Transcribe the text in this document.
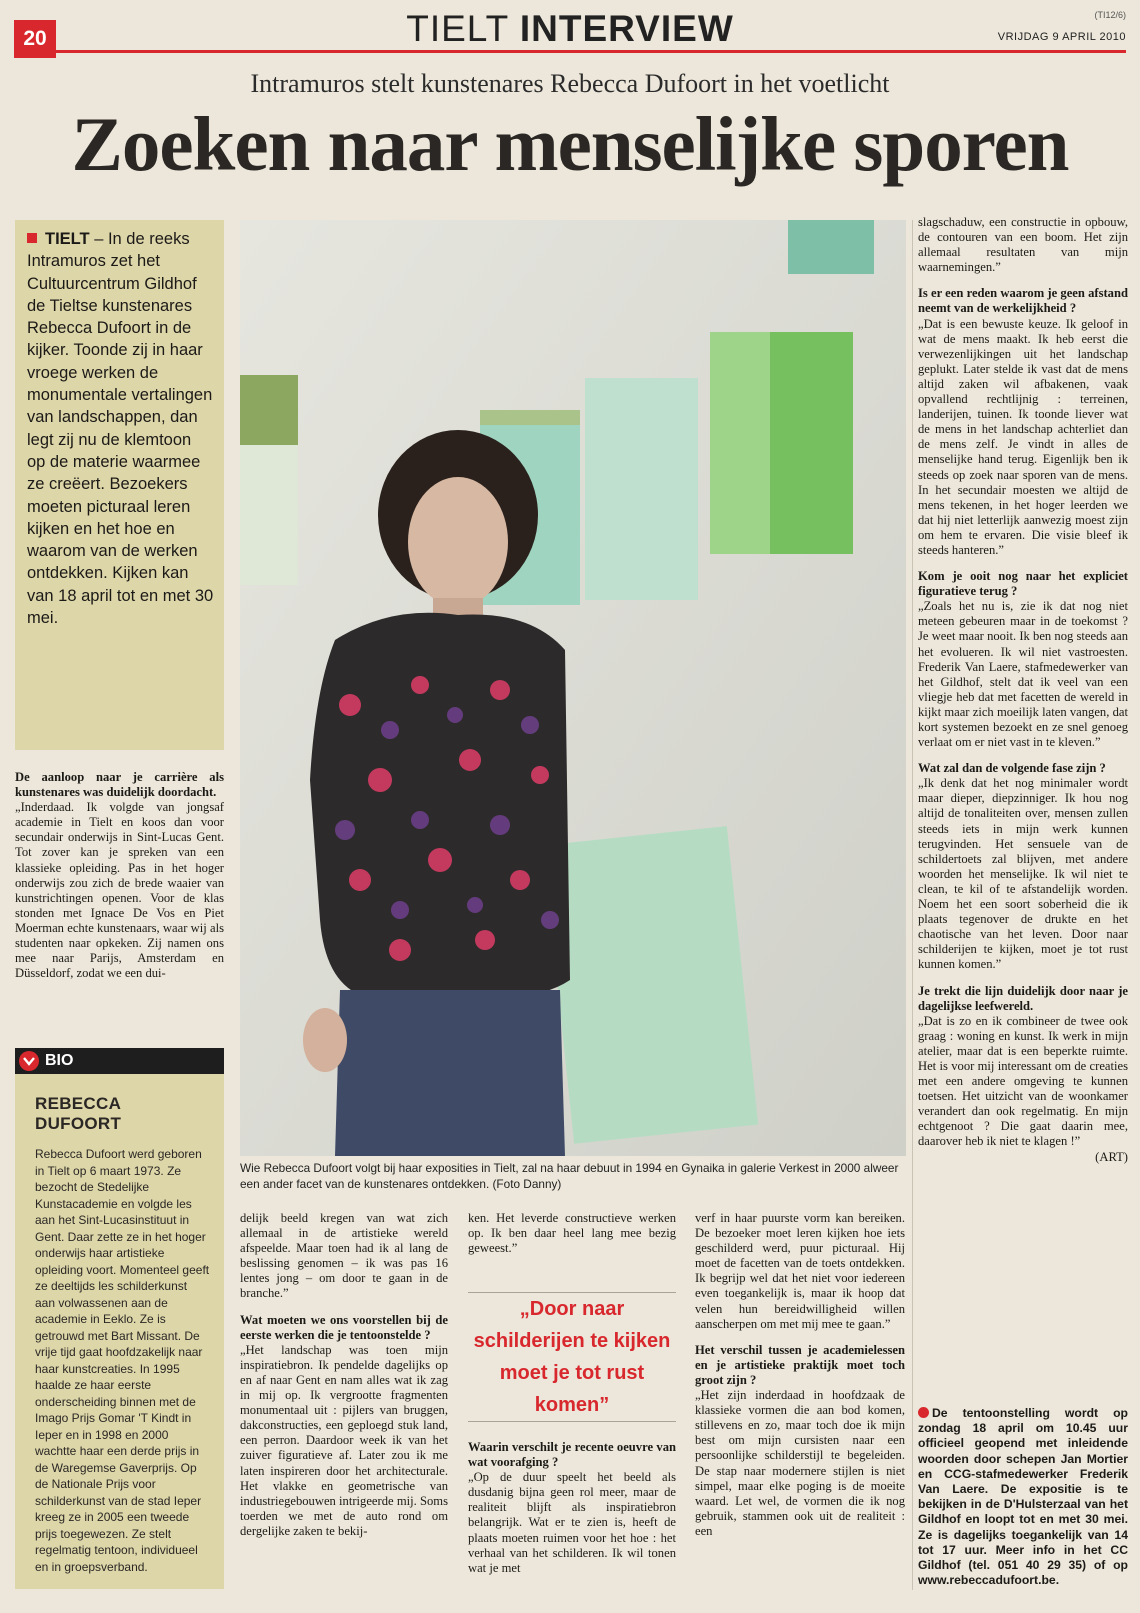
20	TIELT INTERVIEW	(TI12/6)
VRIJDAG 9 APRIL 2010
Intramuros stelt kunstenares Rebecca Dufoort in het voetlicht
Zoeken naar menselijke sporen
TIELT – In de reeks Intramuros zet het Cultuurcentrum Gildhof de Tieltse kunstenares Rebecca Dufoort in de kijker. Toonde zij in haar vroege werken de monumentale vertalingen van landschappen, dan legt zij nu de klemtoon op de materie waarmee ze creëert. Bezoekers moeten picturaal leren kijken en het hoe en waarom van de werken ontdekken. Kijken kan van 18 april tot en met 30 mei.
De aanloop naar je carrière als kunstenares was duidelijk doordacht.
„Inderdaad. Ik volgde van jongsaf academie in Tielt en koos dan voor secundair onderwijs in Sint-Lucas Gent. Tot zover kan je spreken van een klassieke opleiding. Pas in het hoger onderwijs zou zich de brede waaier van kunstrichtingen openen. Voor de klas stonden met Ignace De Vos en Piet Moerman echte kunstenaars, waar wij als studenten naar opkeken. Zij namen ons mee naar Parijs, Amsterdam en Düsseldorf, zodat we een dui-
BIO
REBECCA
DUFOORT
Rebecca Dufoort werd geboren in Tielt op 6 maart 1973. Ze bezocht de Stedelijke Kunstacademie en volgde les aan het Sint-Lucasinstituut in Gent. Daar zette ze in het hoger onderwijs haar artistieke opleiding voort. Momenteel geeft ze deeltijds les schilderkunst aan volwassenen aan de academie in Eeklo. Ze is getrouwd met Bart Missant. De vrije tijd gaat hoofdzakelijk naar haar kunstcreaties. In 1995 haalde ze haar eerste onderscheiding binnen met de Imago Prijs Gomar 'T Kindt in Ieper en in 1998 en 2000 wachtte haar een derde prijs in de Waregemse Gaverprijs. Op de Nationale Prijs voor schilderkunst van de stad Ieper kreeg ze in 2005 een tweede prijs toegewezen. Ze stelt regelmatig tentoon, individueel en in groepsverband.
Wie Rebecca Dufoort volgt bij haar exposities in Tielt, zal na haar debuut in 1994 en Gynaika in galerie Verkest in 2000 alweer een ander facet van de kunstenares ontdekken. (Foto Danny)
delijk beeld kregen van wat zich allemaal in de artistieke wereld afspeelde. Maar toen had ik al lang de beslissing genomen – ik was pas 16 lentes jong – om door te gaan in de branche.”
Wat moeten we ons voorstellen bij de eerste werken die je tentoonstelde ?
„Het landschap was toen mijn inspiratiebron. Ik pendelde dagelijks op en af naar Gent en nam alles wat ik zag in mij op. Ik vergrootte fragmenten monumentaal uit : pijlers van bruggen, dakconstructies, een geploegd stuk land, een perron. Daardoor week ik van het zuiver figuratieve af. Later zou ik me laten inspireren door het architecturale. Het vlakke en geometrische van industriegebouwen intrigeerde mij. Soms toerden we met de auto rond om dergelijke zaken te bekij-
ken. Het leverde constructieve werken op. Ik ben daar heel lang mee bezig geweest.”
„Door naar schilderijen te kijken moet je tot rust komen”
Waarin verschilt je recente oeuvre van wat voorafging ?
„Op de duur speelt het beeld als dusdanig bijna geen rol meer, maar de realiteit blijft als inspiratiebron belangrijk. Wat er te zien is, heeft de plaats moeten ruimen voor het hoe : het verhaal van het schilderen. Ik wil tonen wat je met
verf in haar puurste vorm kan bereiken. De bezoeker moet leren kijken hoe iets geschilderd werd, puur picturaal. Hij moet de facetten van de toets ontdekken. Ik begrijp wel dat het niet voor iedereen even toegankelijk is, maar ik hoop dat velen hun bereidwilligheid willen aanscherpen om met mij mee te gaan.”
Het verschil tussen je academielessen en je artistieke praktijk moet toch groot zijn ?
„Het zijn inderdaad in hoofdzaak de klassieke vormen die aan bod komen, stillevens en zo, maar toch doe ik mijn best om mijn cursisten naar een persoonlijke schilderstijl te begeleiden. De stap naar modernere stijlen is niet simpel, maar elke poging is de moeite waard. Let wel, de vormen die ik nog gebruik, stammen ook uit de realiteit : een
slagschaduw, een constructie in opbouw, de contouren van een boom. Het zijn allemaal resultaten van mijn waarnemingen.”
Is er een reden waarom je geen afstand neemt van de werkelijkheid ?
„Dat is een bewuste keuze. Ik geloof in wat de mens maakt. Ik heb eerst die verwezenlijkingen uit het landschap geplukt. Later stelde ik vast dat de mens altijd zaken wil afbakenen, vaak opvallend rechtlijnig : terreinen, landerijen, tuinen. Ik toonde liever wat de mens in het landschap achterliet dan de mens zelf. Je vindt in alles de menselijke hand terug. Eigenlijk ben ik steeds op zoek naar sporen van de mens. In het secundair moesten we altijd de mens tekenen, in het hoger leerden we dat hij niet letterlijk aanwezig moest zijn om hem te ervaren. Die visie bleef ik steeds hanteren.”
Kom je ooit nog naar het expliciet figuratieve terug ?
„Zoals het nu is, zie ik dat nog niet meteen gebeuren maar in de toekomst ? Je weet maar nooit. Ik ben nog steeds aan het evolueren. Ik wil niet vastroesten. Frederik Van Laere, stafmedewerker van het Gildhof, stelt dat ik veel van een vliegje heb dat met facetten de wereld in kijkt maar zich moeilijk laten vangen, dat kort systemen bezoekt en ze snel genoeg verlaat om er niet vast in te kleven.”
Wat zal dan de volgende fase zijn ?
„Ik denk dat het nog minimaler wordt maar dieper, diepzinniger. Ik hou nog altijd de tonaliteiten over, mensen zullen steeds iets in mijn werk kunnen terugvinden. Het sensuele van de schildertoets zal blijven, met andere woorden het menselijke. Ik wil niet te clean, te kil of te afstandelijk worden. Noem het een soort soberheid die ik plaats tegenover de drukte en het chaotische van het leven. Door naar schilderijen te kijken, moet je tot rust kunnen komen.”
Je trekt die lijn duidelijk door naar je dagelijkse leefwereld.
„Dat is zo en ik combineer de twee ook graag : woning en kunst. Ik werk in mijn atelier, maar dat is een beperkte ruimte. Het is voor mij interessant om de creaties met een andere omgeving te kunnen toetsen. Het uitzicht van de woonkamer verandert dan ook regelmatig. En mijn echtgenoot ? Die gaat daarin mee, daarover heb ik niet te klagen !”
(ART)
De tentoonstelling wordt op zondag 18 april om 10.45 uur officieel geopend met inleidende woorden door schepen Jan Mortier en CCG-stafmedewerker Frederik Van Laere. De expositie is te bekijken in de D'Hulsterzaal van het Gildhof en loopt tot en met 30 mei. Ze is dagelijks toegankelijk van 14 tot 17 uur. Meer info in het CC Gildhof (tel. 051 40 29 35) of op www.rebeccadufoort.be.
